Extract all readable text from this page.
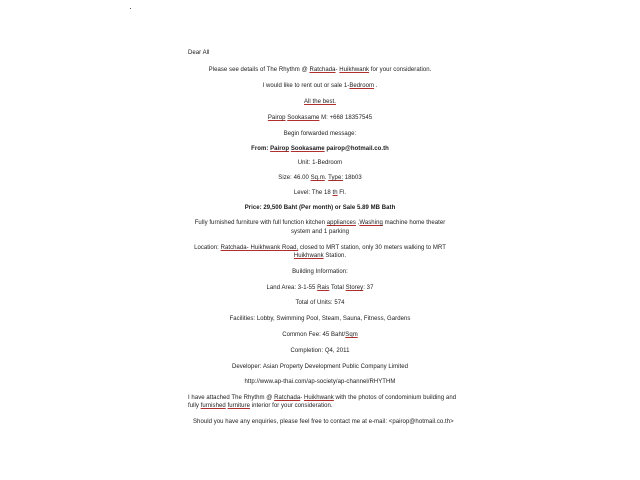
Dear All
Please see details of The Rhythm @ Ratchada- Huikhwank for your consideration.
I would like to rent out or sale 1-Bedroom .
All the best.
Pairop Sookasame M: +668 18357545
Begin forwarded message:
From: Pairop Sookasame pairop@hotmail.co.th
Unit: 1-Bedroom
Size: 46.00 Sq.m. Type: 18b03
Level: The 18 th Fl.
Price: 29,500 Baht (Per month) or Sale 5.89 MB Bath
Fully furnished furniture with full function kitchen appliances ,Washing machine home theater
system and 1 parking
Location: Ratchada- Huikhwank Road, closed to MRT station, only 30 meters walking to MRT
Huikhwank Station.
Building Information:
Land Area: 3-1-55 Rais Total Storey: 37
Total of Units: 574
Facilities: Lobby, Swimming Pool, Steam, Sauna, Fitness, Gardens
Common Fee: 45 Baht/Sqm
Completion: Q4, 2011
Developer: Asian Property Development Public Company Limited
http://www.ap-thai.com/ap-society/ap-channel/RHYTHM
I have attached The Rhythm @ Ratchada- Huikhwank with the photos of condominium building and
fully furnished furniture interior for your consideration.
Should you have any enquiries, please feel free to contact me at e-mail: <pairop@hotmail.co.th>
